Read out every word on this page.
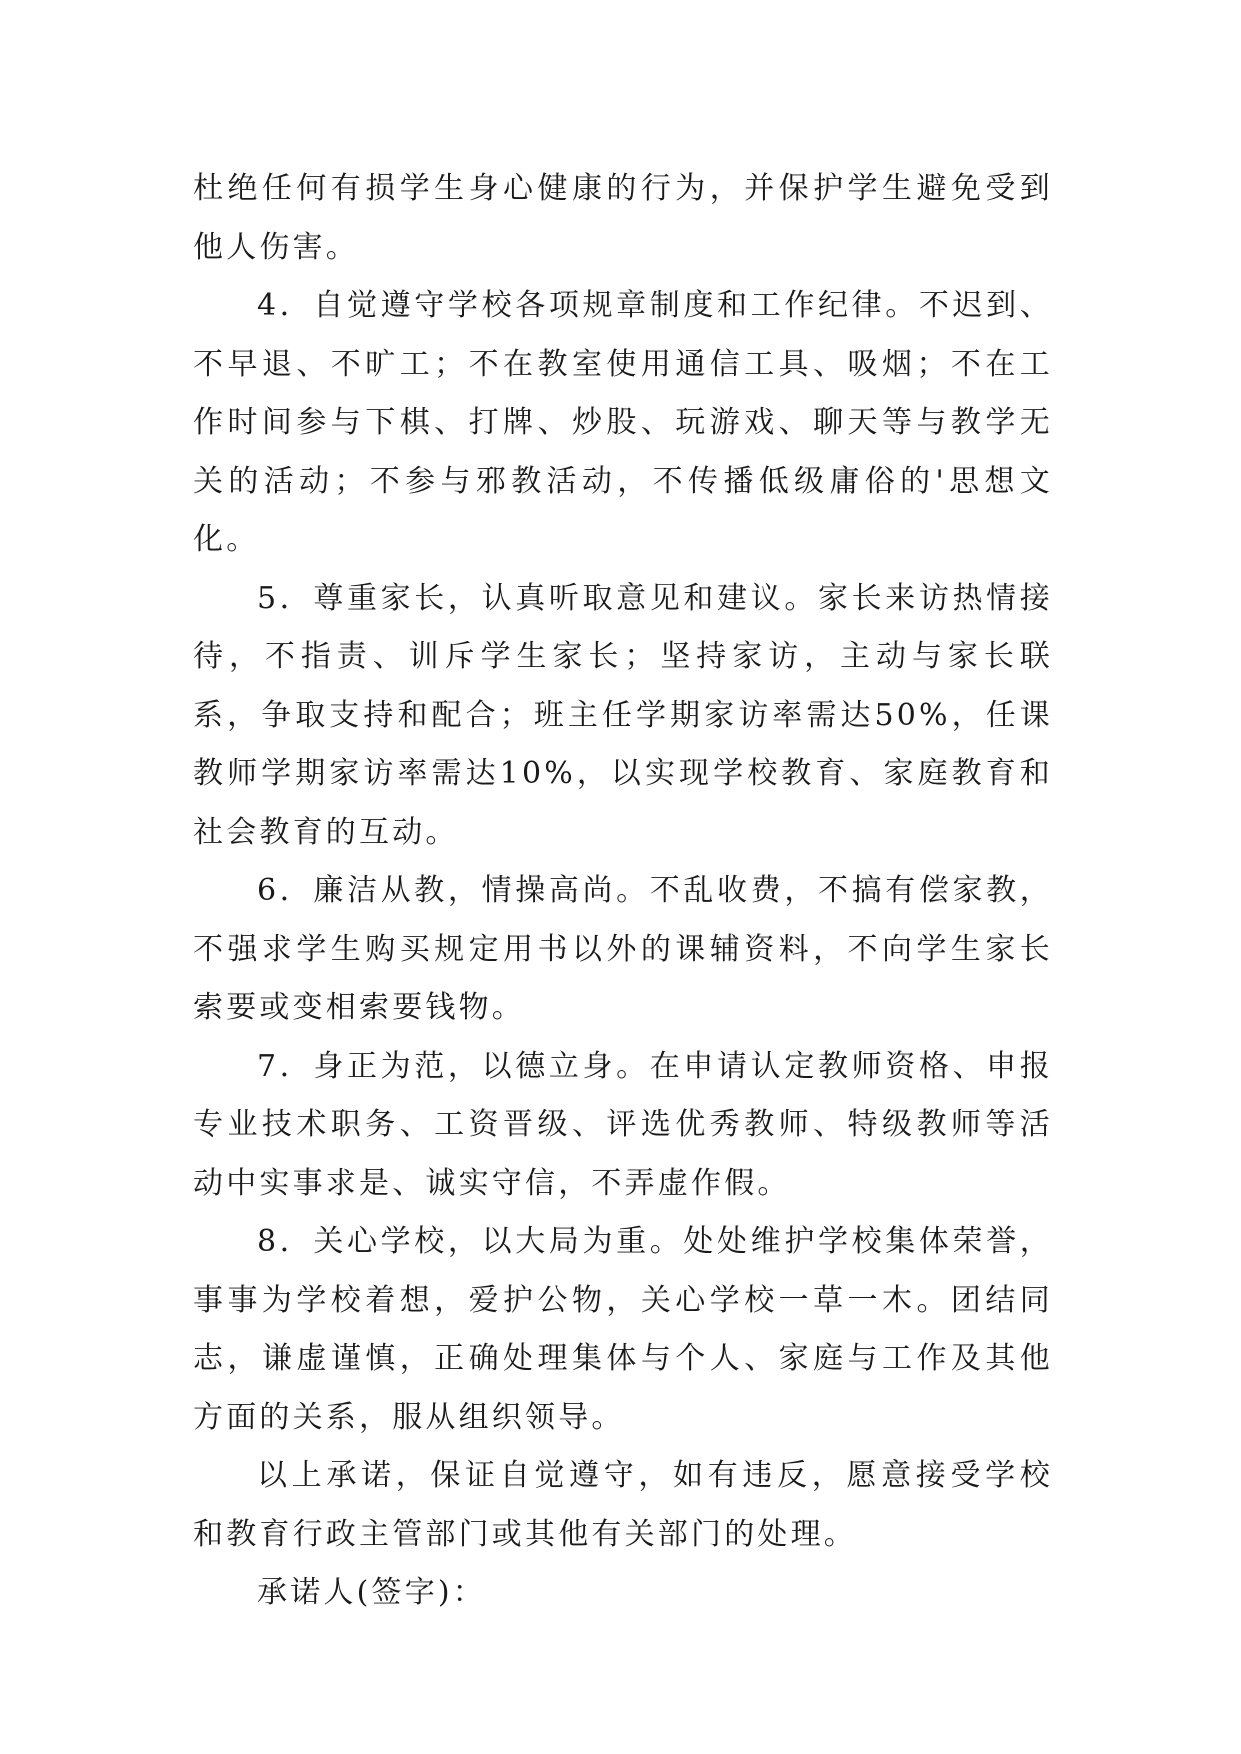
杜绝任何有损学生身心健康的行为，并保护学生避免受到他人伤害。

4．自觉遵守学校各项规章制度和工作纪律。不迟到、不早退、不旷工；不在教室使用通信工具、吸烟；不在工作时间参与下棋、打牌、炒股、玩游戏、聊天等与教学无关的活动；不参与邪教活动，不传播低级庸俗的'思想文化。

5．尊重家长，认真听取意见和建议。家长来访热情接待，不指责、训斥学生家长；坚持家访，主动与家长联系，争取支持和配合；班主任学期家访率需达50%，任课教师学期家访率需达10%，以实现学校教育、家庭教育和社会教育的互动。

6．廉洁从教，情操高尚。不乱收费，不搞有偿家教，不强求学生购买规定用书以外的课辅资料，不向学生家长索要或变相索要钱物。

7．身正为范，以德立身。在申请认定教师资格、申报专业技术职务、工资晋级、评选优秀教师、特级教师等活动中实事求是、诚实守信，不弄虚作假。

8．关心学校，以大局为重。处处维护学校集体荣誉，事事为学校着想，爱护公物，关心学校一草一木。团结同志，谦虚谨慎，正确处理集体与个人、家庭与工作及其他方面的关系，服从组织领导。

以上承诺，保证自觉遵守，如有违反，愿意接受学校和教育行政主管部门或其他有关部门的处理。

承诺人(签字)：
